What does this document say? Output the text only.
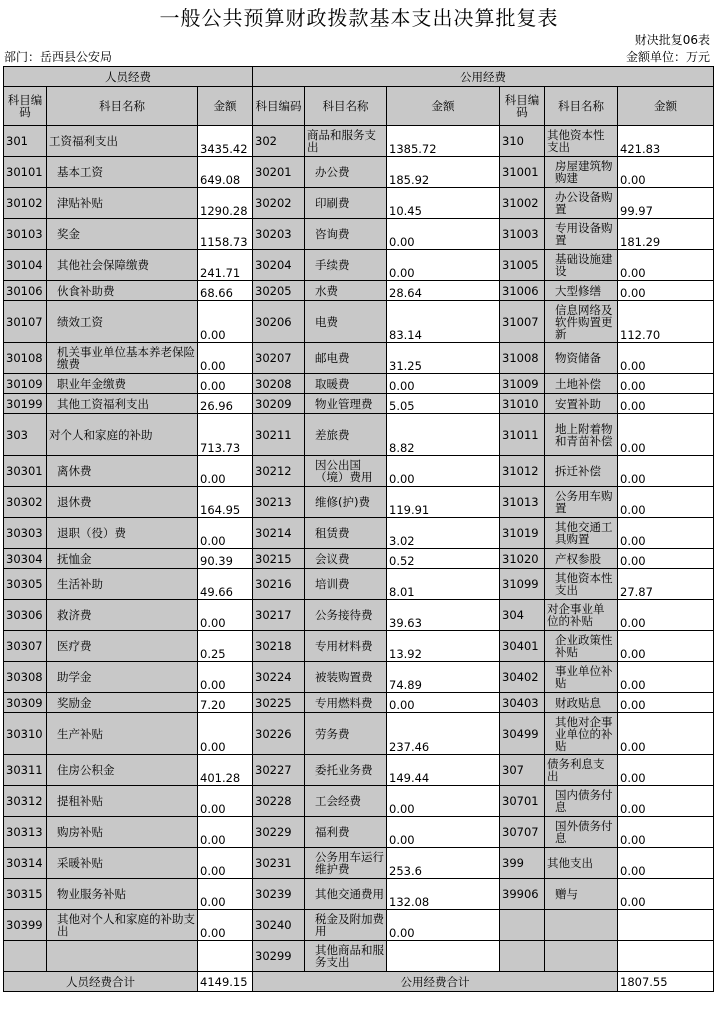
一般公共预算财政拨款基本支出决算批复表
财决批复06表
部门：岳西县公安局	金额单位：万元
人员经费			公用经费					
科目编码	科目名称	金额	科目编码	科目名称	金额	科目编码	科目名称	金额
301	工资福利支出	3435.42	302	商品和服务支出	1385.72	310	其他资本性支出	421.83
30101	基本工资	649.08	30201	办公费	185.92	31001	房屋建筑物购建	0.00
30102	津贴补贴	1290.28	30202	印刷费	10.45	31002	办公设备购置	99.97
30103	奖金	1158.73	30203	咨询费	0.00	31003	专用设备购置	181.29
30104	其他社会保障缴费	241.71	30204	手续费	0.00	31005	基础设施建设	0.00
30106	伙食补助费	68.66	30205	水费	28.64	31006	大型修缮	0.00
30107	绩效工资	0.00	30206	电费	83.14	31007	信息网络及软件购置更新	112.70
30108	机关事业单位基本养老保险缴费	0.00	30207	邮电费	31.25	31008	物资储备	0.00
30109	职业年金缴费	0.00	30208	取暖费	0.00	31009	土地补偿	0.00
30199	其他工资福利支出	26.96	30209	物业管理费	5.05	31010	安置补助	0.00
303	对个人和家庭的补助	713.73	30211	差旅费	8.82	31011	地上附着物和青苗补偿	0.00
30301	离休费	0.00	30212	因公出国（境）费用	0.00	31012	拆迁补偿	0.00
30302	退休费	164.95	30213	维修(护)费	119.91	31013	公务用车购置	0.00
30303	退职（役）费	0.00	30214	租赁费	3.02	31019	其他交通工具购置	0.00
30304	抚恤金	90.39	30215	会议费	0.52	31020	产权参股	0.00
30305	生活补助	49.66	30216	培训费	8.01	31099	其他资本性支出	27.87
30306	救济费	0.00	30217	公务接待费	39.63	304	对企事业单位的补贴	0.00
30307	医疗费	0.25	30218	专用材料费	13.92	30401	企业政策性补贴	0.00
30308	助学金	0.00	30224	被装购置费	74.89	30402	事业单位补贴	0.00
30309	奖励金	7.20	30225	专用燃料费	0.00	30403	财政贴息	0.00
30310	生产补贴	0.00	30226	劳务费	237.46	30499	其他对企事业单位的补贴	0.00
30311	住房公积金	401.28	30227	委托业务费	149.44	307	债务利息支出	0.00
30312	提租补贴	0.00	30228	工会经费	0.00	30701	国内债务付息	0.00
30313	购房补贴	0.00	30229	福利费	0.00	30707	国外债务付息	0.00
30314	采暖补贴	0.00	30231	公务用车运行维护费	253.6	399	其他支出	0.00
30315	物业服务补贴	0.00	30239	其他交通费用	132.08	39906	赠与	0.00
30399	其他对个人和家庭的补助支出	0.00	30240	税金及附加费用	0.00			
			30299	其他商品和服务支出				
人员经费合计		4149.15	公用经费合计					1807.55
